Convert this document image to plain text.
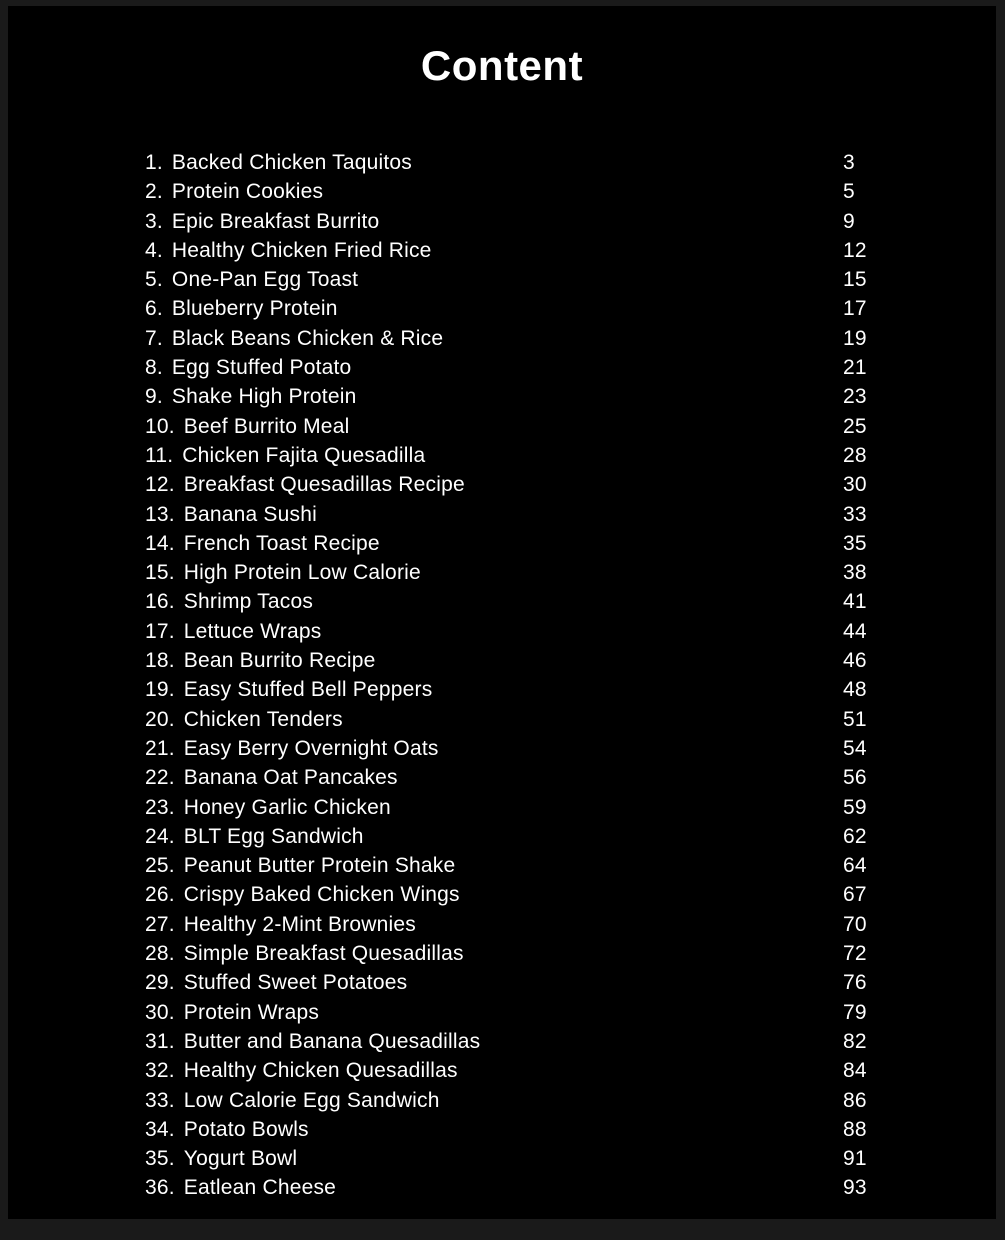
Content
1. Backed Chicken Taquitos	3
2. Protein Cookies	5
3. Epic Breakfast Burrito	9
4. Healthy Chicken Fried Rice	12
5. One-Pan Egg Toast	15
6. Blueberry Protein	17
7. Black Beans Chicken & Rice	19
8. Egg Stuffed Potato	21
9. Shake High Protein	23
10. Beef Burrito Meal	25
11. Chicken Fajita Quesadilla	28
12. Breakfast Quesadillas Recipe	30
13. Banana Sushi	33
14. French Toast Recipe	35
15. High Protein Low Calorie	38
16. Shrimp Tacos	41
17. Lettuce Wraps	44
18. Bean Burrito Recipe	46
19. Easy Stuffed Bell Peppers	48
20. Chicken Tenders	51
21. Easy Berry Overnight Oats	54
22. Banana Oat Pancakes	56
23. Honey Garlic Chicken	59
24. BLT Egg Sandwich	62
25. Peanut Butter Protein Shake	64
26. Crispy Baked Chicken Wings	67
27. Healthy 2-Mint Brownies	70
28. Simple Breakfast Quesadillas	72
29. Stuffed Sweet Potatoes	76
30. Protein Wraps	79
31. Butter and Banana Quesadillas	82
32. Healthy Chicken Quesadillas	84
33. Low Calorie Egg Sandwich	86
34. Potato Bowls	88
35. Yogurt Bowl	91
36. Eatlean Cheese	93
